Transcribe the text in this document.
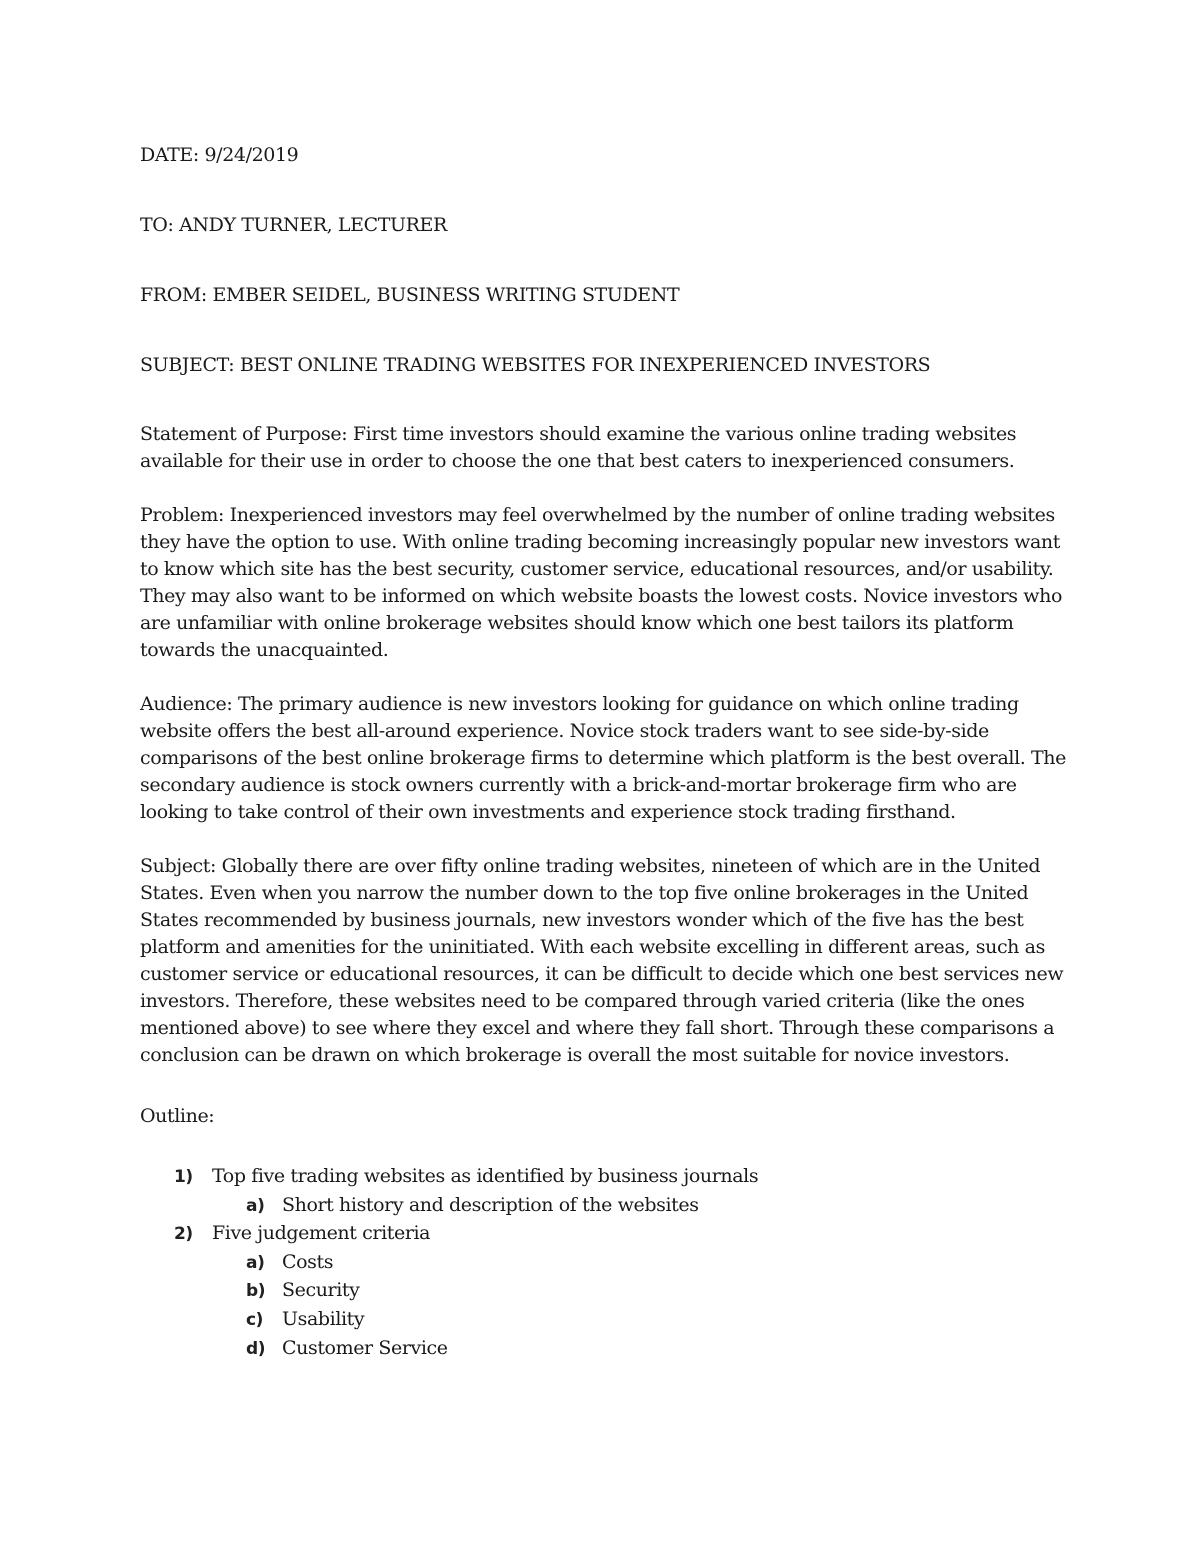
DATE: 9/24/2019

TO: ANDY TURNER, LECTURER

FROM: EMBER SEIDEL, BUSINESS WRITING STUDENT

SUBJECT: BEST ONLINE TRADING WEBSITES FOR INEXPERIENCED INVESTORS

Statement of Purpose: First time investors should examine the various online trading websites available for their use in order to choose the one that best caters to inexperienced consumers.

Problem: Inexperienced investors may feel overwhelmed by the number of online trading websites they have the option to use. With online trading becoming increasingly popular new investors want to know which site has the best security, customer service, educational resources, and/or usability. They may also want to be informed on which website boasts the lowest costs. Novice investors who are unfamiliar with online brokerage websites should know which one best tailors its platform towards the unacquainted.

Audience: The primary audience is new investors looking for guidance on which online trading website offers the best all-around experience. Novice stock traders want to see side-by-side comparisons of the best online brokerage firms to determine which platform is the best overall. The secondary audience is stock owners currently with a brick-and-mortar brokerage firm who are looking to take control of their own investments and experience stock trading firsthand.

Subject: Globally there are over fifty online trading websites, nineteen of which are in the United States. Even when you narrow the number down to the top five online brokerages in the United States recommended by business journals, new investors wonder which of the five has the best platform and amenities for the uninitiated. With each website excelling in different areas, such as customer service or educational resources, it can be difficult to decide which one best services new investors. Therefore, these websites need to be compared through varied criteria (like the ones mentioned above) to see where they excel and where they fall short. Through these comparisons a conclusion can be drawn on which brokerage is overall the most suitable for novice investors.

Outline:

1) Top five trading websites as identified by business journals
a) Short history and description of the websites
2) Five judgement criteria
a) Costs
b) Security
c) Usability
d) Customer Service
